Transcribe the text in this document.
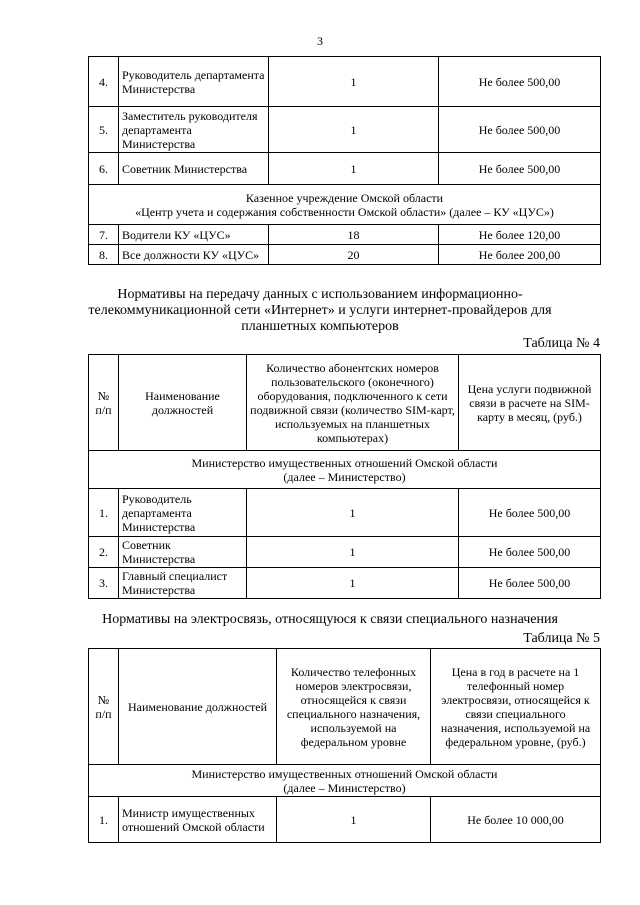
3
4.	Руководитель департамента Министерства	1	Не более 500,00
5.	Заместитель руководителя департамента Министерства	1	Не более 500,00
6.	Советник Министерства	1	Не более 500,00

Казенное учреждение Омской области
«Центр учета и содержания собственности Омской области» (далее – КУ «ЦУС»)			

7.	Водители КУ «ЦУС»	18	Не более 120,00
8.	Все должности КУ «ЦУС»	20	Не более 200,00
Нормативы на передачу данных с использованием информационно-телекоммуникационной сети «Интернет» и услуги интернет-провайдеров для планшетных компьютеров
Таблица № 4
№ п/п	Наименование должностей	Количество абонентских номеров пользовательского (оконечного) оборудования, подключенного к сети подвижной связи (количество SIM-карт, используемых на планшетных компьютерах)	Цена услуги подвижной связи в расчете на SIM-карту в месяц, (руб.)

Министерство имущественных отношений Омской области
(далее – Министерство)			

1.	Руководитель департамента Министерства	1	Не более 500,00
2.	Советник Министерства	1	Не более 500,00
3.	Главный специалист Министерства	1	Не более 500,00
Нормативы на электросвязь, относящуюся к связи специального назначения
Таблица № 5
№ п/п	Наименование должностей	Количество телефонных номеров электросвязи, относящейся к связи специального назначения, используемой на федеральном уровне	Цена в год в расчете на 1 телефонный номер электросвязи, относящейся к связи специального назначения, используемой на федеральном уровне, (руб.)

Министерство имущественных отношений Омской области
(далее – Министерство)			

1.	Министр имущественных отношений Омской области	1	Не более 10 000,00
